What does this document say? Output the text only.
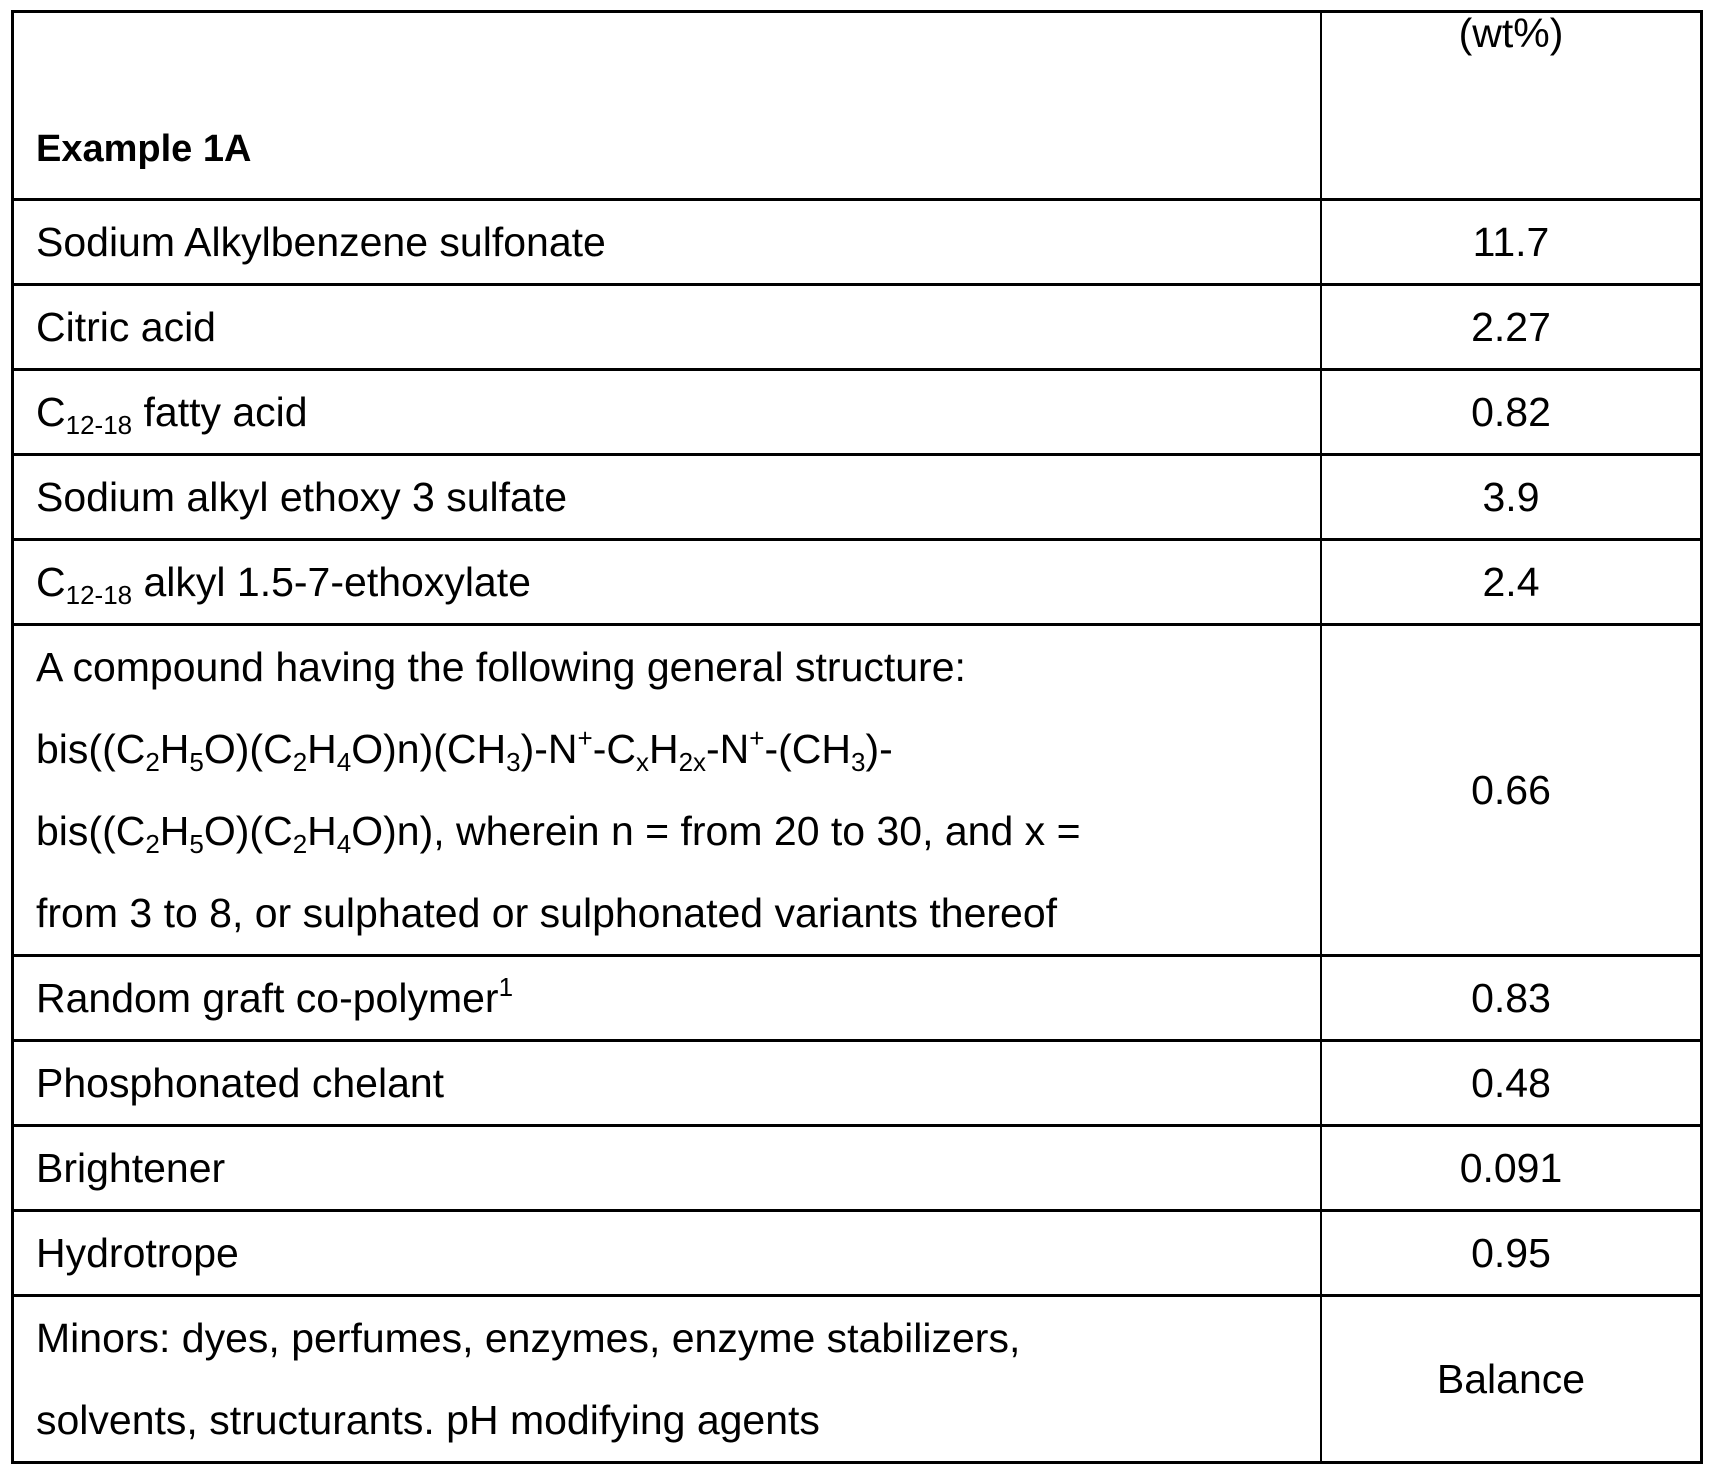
Example 1A	(wt%)
Sodium Alkylbenzene sulfonate	11.7
Citric acid	2.27
$C_{12-18}$ fatty acid	0.82
Sodium alkyl ethoxy 3 sulfate	3.9
$C_{12-18}$ alkyl 1.5-7-ethoxylate	2.4

A compound having the following general structure:
$bis((C_2H_5O)(C_2H_4O)n)(CH_3)-N^+-C_xH_{2x}-N^+-(CH_3)-$
$bis((C_2H_5O)(C_2H_4O)n)$, wherein n = from 20 to 30, and x =
from 3 to 8, or sulphated or sulphonated variants thereof	0.66
Random graft co-polymer$^1$	0.83
Phosphonated chelant	0.48
Brightener	0.091
Hydrotrope	0.95

Minors: dyes, perfumes, enzymes, enzyme stabilizers,
solvents, structurants. pH modifying agents	Balance
